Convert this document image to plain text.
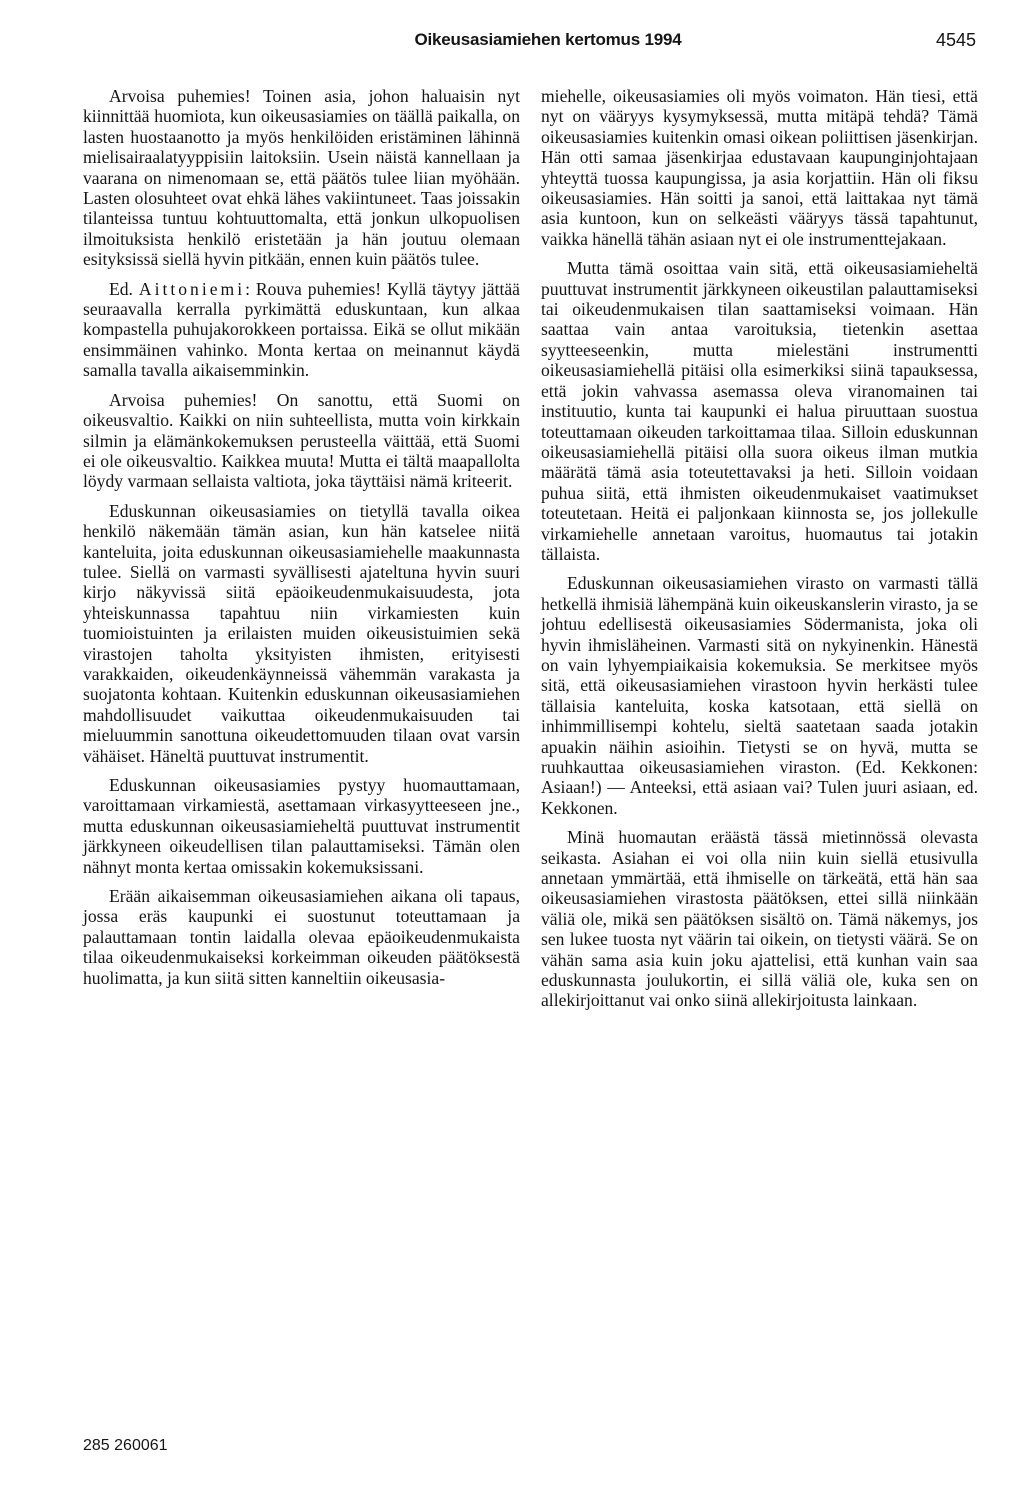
Oikeusasiamiehen kertomus 1994	4545

Arvoisa puhemies! Toinen asia, johon haluaisin nyt kiinnittää huomiota, kun oikeusasiamies on täällä paikalla, on lasten huostaanotto ja myös henkilöiden eristäminen lähinnä mielisairaalatyyppisiin laitoksiin. Usein näistä kannellaan ja vaarana on nimenomaan se, että päätös tulee liian myöhään. Lasten olosuhteet ovat ehkä lähes vakiintuneet. Taas joissakin tilanteissa tuntuu kohtuuttomalta, että jonkun ulkopuolisen ilmoituksista henkilö eristetään ja hän joutuu olemaan esityksissä siellä hyvin pitkään, ennen kuin päätös tulee.

Ed. Aittoniemi: Rouva puhemies! Kyllä täytyy jättää seuraavalla kerralla pyrkimättä eduskuntaan, kun alkaa kompastella puhujakorokkeen portaissa. Eikä se ollut mikään ensimmäinen vahinko. Monta kertaa on meinannut käydä samalla tavalla aikaisemminkin.

Arvoisa puhemies! On sanottu, että Suomi on oikeusvaltio. Kaikki on niin suhteellista, mutta voin kirkkain silmin ja elämänkokemuksen perusteella väittää, että Suomi ei ole oikeusvaltio. Kaikkea muuta! Mutta ei tältä maapallolta löydy varmaan sellaista valtiota, joka täyttäisi nämä kriteerit.

Eduskunnan oikeusasiamies on tietyllä tavalla oikea henkilö näkemään tämän asian, kun hän katselee niitä kanteluita, joita eduskunnan oikeusasiamiehelle maakunnasta tulee. Siellä on varmasti syvällisesti ajateltuna hyvin suuri kirjo näkyvissä siitä epäoikeudenmukaisuudesta, jota yhteiskunnassa tapahtuu niin virkamiesten kuin tuomioistuinten ja erilaisten muiden oikeusistuimien sekä virastojen taholta yksityisten ihmisten, erityisesti varakkaiden, oikeudenkäynneissä vähemmän varakasta ja suojatonta kohtaan. Kuitenkin eduskunnan oikeusasiamiehen mahdollisuudet vaikuttaa oikeudenmukaisuuden tai mieluummin sanottuna oikeudettomuuden tilaan ovat varsin vähäiset. Häneltä puuttuvat instrumentit.

Eduskunnan oikeusasiamies pystyy huomauttamaan, varoittamaan virkamiestä, asettamaan virkasyytteeseen jne., mutta eduskunnan oikeusasiamieheltä puuttuvat instrumentit järkkyneen oikeudellisen tilan palauttamiseksi. Tämän olen nähnyt monta kertaa omissakin kokemuksissani.

Erään aikaisemman oikeusasiamiehen aikana oli tapaus, jossa eräs kaupunki ei suostunut toteuttamaan ja palauttamaan tontin laidalla olevaa epäoikeudenmukaista tilaa oikeudenmukaiseksi korkeimman oikeuden päätöksestä huolimatta, ja kun siitä sitten kanneltiin oikeusasia-

miehelle, oikeusasiamies oli myös voimaton. Hän tiesi, että nyt on vääryys kysymyksessä, mutta mitäpä tehdä? Tämä oikeusasiamies kuitenkin omasi oikean poliittisen jäsenkirjan. Hän otti samaa jäsenkirjaa edustavaan kaupunginjohtajaan yhteyttä tuossa kaupungissa, ja asia korjattiin. Hän oli fiksu oikeusasiamies. Hän soitti ja sanoi, että laittakaa nyt tämä asia kuntoon, kun on selkeästi vääryys tässä tapahtunut, vaikka hänellä tähän asiaan nyt ei ole instrumenttejakaan.

Mutta tämä osoittaa vain sitä, että oikeusasiamieheltä puuttuvat instrumentit järkkyneen oikeustilan palauttamiseksi tai oikeudenmukaisen tilan saattamiseksi voimaan. Hän saattaa vain antaa varoituksia, tietenkin asettaa syytteeseenkin, mutta mielestäni instrumentti oikeusasiamiehellä pitäisi olla esimerkiksi siinä tapauksessa, että jokin vahvassa asemassa oleva viranomainen tai instituutio, kunta tai kaupunki ei halua piruuttaan suostua toteuttamaan oikeuden tarkoittamaa tilaa. Silloin eduskunnan oikeusasiamiehellä pitäisi olla suora oikeus ilman mutkia määrätä tämä asia toteutettavaksi ja heti. Silloin voidaan puhua siitä, että ihmisten oikeudenmukaiset vaatimukset toteutetaan. Heitä ei paljonkaan kiinnosta se, jos jollekulle virkamiehelle annetaan varoitus, huomautus tai jotakin tällaista.

Eduskunnan oikeusasiamiehen virasto on varmasti tällä hetkellä ihmisiä lähempänä kuin oikeuskanslerin virasto, ja se johtuu edellisestä oikeusasiamies Södermanista, joka oli hyvin ihmisläheinen. Varmasti sitä on nykyinenkin. Hänestä on vain lyhyempiaikaisia kokemuksia. Se merkitsee myös sitä, että oikeusasiamiehen virastoon hyvin herkästi tulee tällaisia kanteluita, koska katsotaan, että siellä on inhimmillisempi kohtelu, sieltä saatetaan saada jotakin apuakin näihin asioihin. Tietysti se on hyvä, mutta se ruuhkauttaa oikeusasiamiehen viraston. (Ed. Kekkonen: Asiaan!) — Anteeksi, että asiaan vai? Tulen juuri asiaan, ed. Kekkonen.

Minä huomautan eräästä tässä mietinnössä olevasta seikasta. Asiahan ei voi olla niin kuin siellä etusivulla annetaan ymmärtää, että ihmiselle on tärkeätä, että hän saa oikeusasiamiehen virastosta päätöksen, ettei sillä niinkään väliä ole, mikä sen päätöksen sisältö on. Tämä näkemys, jos sen lukee tuosta nyt väärin tai oikein, on tietysti väärä. Se on vähän sama asia kuin joku ajattelisi, että kunhan vain saa eduskunnasta joulukortin, ei sillä väliä ole, kuka sen on allekirjoittanut vai onko siinä allekirjoitusta lainkaan.

285 260061
